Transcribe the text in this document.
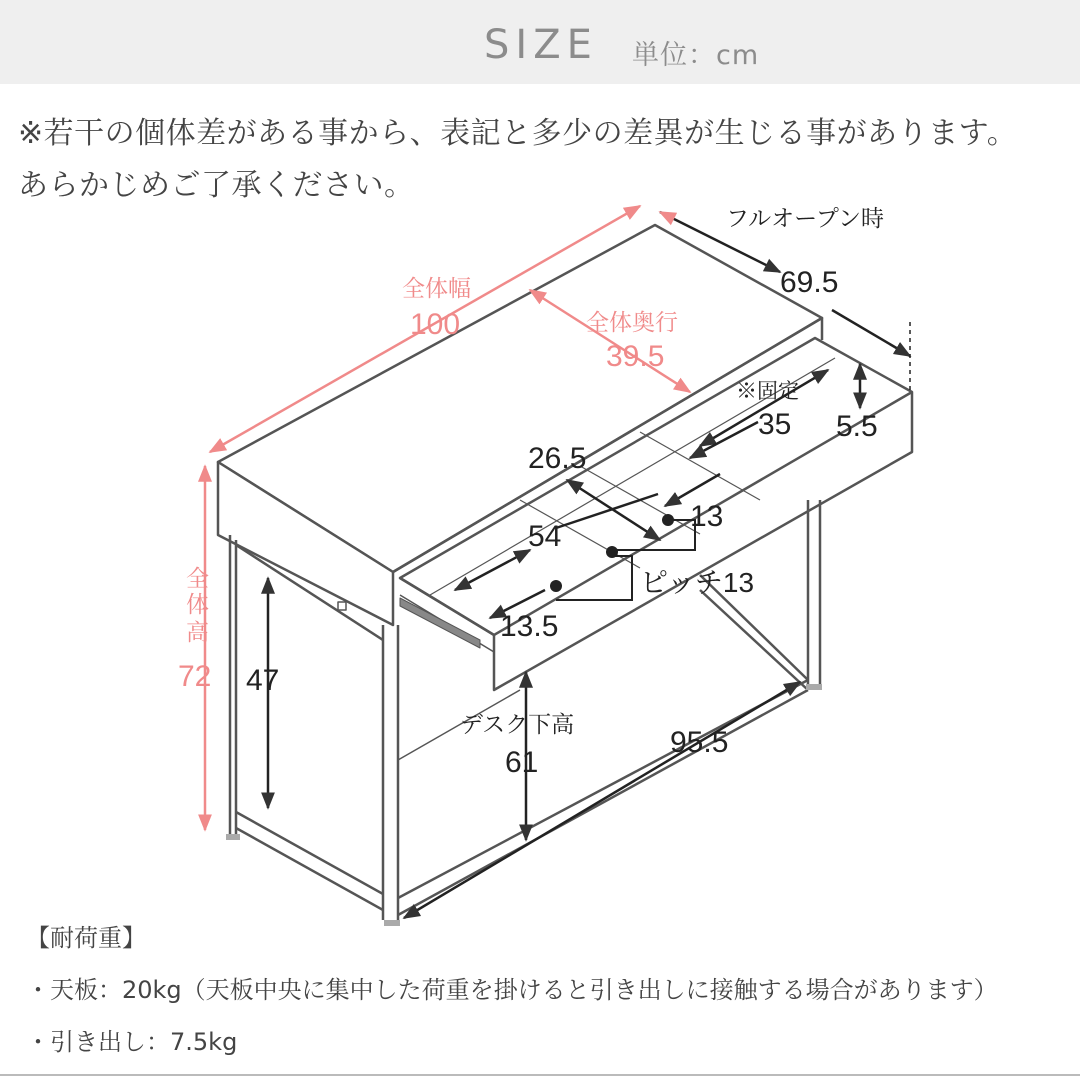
SIZE 単位：cm
※若干の個体差がある事から、表記と多少の差異が生じる事があります。
あらかじめご了承ください。
全体幅
100	全体奥行
39.5
全
体
高
72
フルオープン時
69.5
※固定
35 5.5
26.5
13
54
ピッチ13
13.5
47
デスク下高
61
95.5
【耐荷重】
・天板：20kg（天板中央に集中した荷重を掛けると引き出しに接触する場合があります）
・引き出し：7.5kg
